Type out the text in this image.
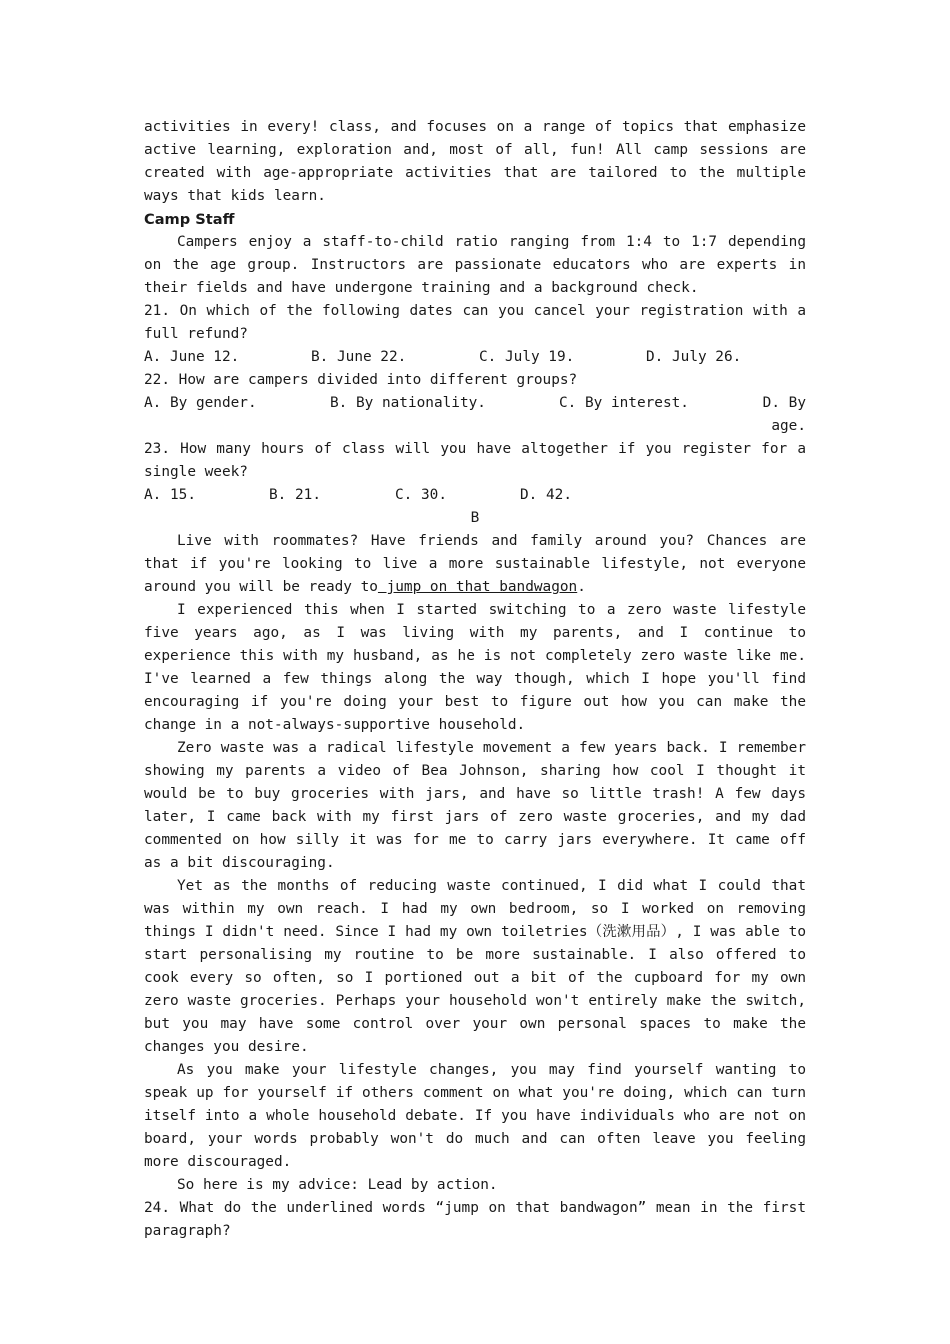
activities in every! class, and focuses on a range of topics that emphasize active learning, exploration and, most of all, fun! All camp sessions are created with age-appropriate activities that are tailored to the multiple ways that kids learn.

Camp Staff

Campers enjoy a staff-to-child ratio ranging from 1:4 to 1:7 depending on the age group. Instructors are passionate educators who are experts in their fields and have undergone training and a background check.

21. On which of the following dates can you cancel your registration with a full refund?

A. June 12.	B. June 22.	C. July 19.	D. July 26.

22. How are campers divided into different groups?

A. By gender.	B. By nationality.	C. By interest.	D. By age.

23. How many hours of class will you have altogether if you register for a single week?

A. 15.	B. 21.	C. 30.	D. 42.

B

Live with roommates? Have friends and family around you? Chances are that if you're looking to live a more sustainable lifestyle, not everyone around you will be ready to jump on that bandwagon.

I experienced this when I started switching to a zero waste lifestyle five years ago, as I was living with my parents, and I continue to experience this with my husband, as he is not completely zero waste like me. I've learned a few things along the way though, which I hope you'll find encouraging if you're doing your best to figure out how you can make the change in a not-always-supportive household.

Zero waste was a radical lifestyle movement a few years back. I remember showing my parents a video of Bea Johnson, sharing how cool I thought it would be to buy groceries with jars, and have so little trash! A few days later, I came back with my first jars of zero waste groceries, and my dad commented on how silly it was for me to carry jars everywhere. It came off as a bit discouraging.

Yet as the months of reducing waste continued, I did what I could that was within my own reach. I had my own bedroom, so I worked on removing things I didn't need. Since I had my own toiletries（洗漱用品）, I was able to start personalising my routine to be more sustainable. I also offered to cook every so often, so I portioned out a bit of the cupboard for my own zero waste groceries. Perhaps your household won't entirely make the switch, but you may have some control over your own personal spaces to make the changes you desire.

As you make your lifestyle changes, you may find yourself wanting to speak up for yourself if others comment on what you're doing, which can turn itself into a whole household debate. If you have individuals who are not on board, your words probably won't do much and can often leave you feeling more discouraged.

So here is my advice: Lead by action.

24. What do the underlined words “jump on that bandwagon” mean in the first paragraph?
